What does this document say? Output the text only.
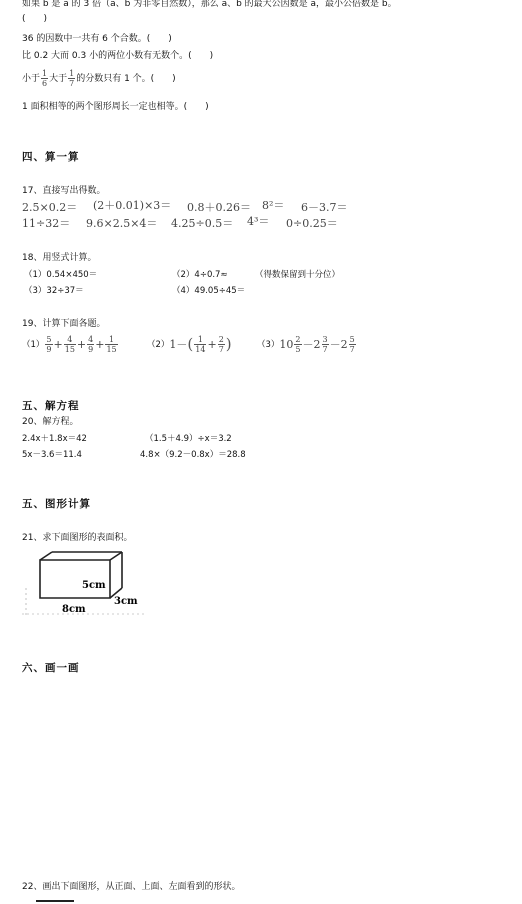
如果 b 是 a 的 3 倍（a、b 为非零自然数），那么 a、b 的最大公因数是 a，最小公倍数是 b。
(　　)
36 的因数中一共有 6 个合数。(　　)
比 0.2 大而 0.3 小的两位小数有无数个。(　　)
小于 $\frac{1}{6}$ 大于 $\frac{1}{7}$ 的分数只有 1 个。(　　)
1 面积相等的两个图形周长一定也相等。(　　)
四、算一算
17、直接写出得数。
2.5×0.2＝ (2＋0.01)×3＝ 0.8＋0.26＝ 8²＝ 6－3.7＝
11÷32＝ 9.6×2.5×4＝ 4.25÷0.5＝ 4³＝ 0÷0.25＝
18、用竖式计算。
（1）0.54×450＝	（2）4÷0.7≈	（得数保留到十分位）
（3）32÷37＝	（4）49.05÷45＝
19、计算下面各题。
$(1) \frac{5}{9} + \frac{4}{15} + \frac{4}{9} + \frac{1}{15}$	（2） 1－ ( $\frac{1}{14} + \frac{2}{7}$ )	（3） $10 \frac{2}{5} - 2 \frac{3}{7} - 2 \frac{5}{7}$
五、解方程
20、解方程。
2.4x＋1.8x＝42	（1.5＋4.9）÷x＝3.2
5x－3.6＝11.4	4.8×（9.2－0.8x）＝28.8
五、图形计算
21、求下面图形的表面积。
5cm
8cm
3cm
六、画一画
22、画出下面图形，从正面、上面、左面看到的形状。
